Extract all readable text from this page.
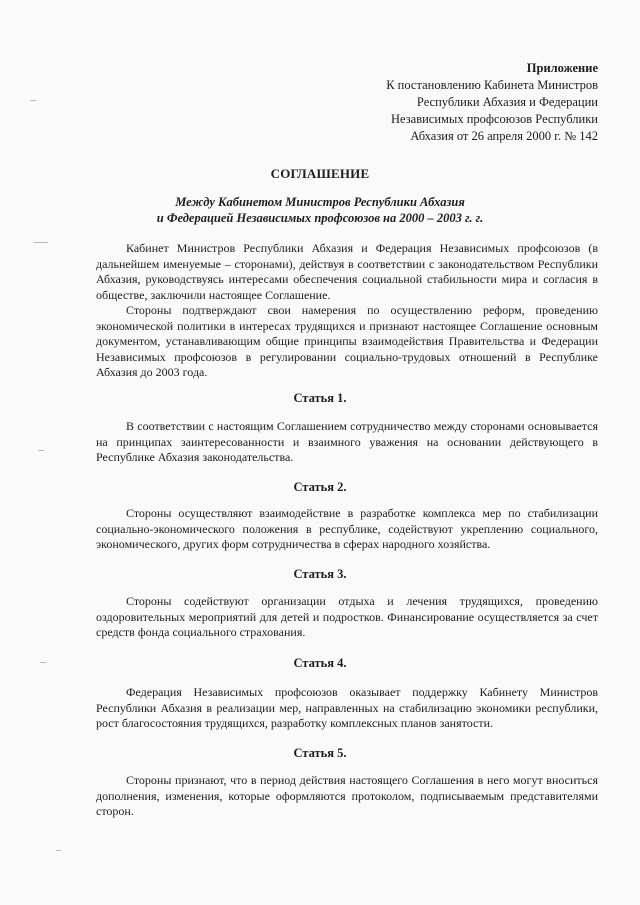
Приложение
К постановлению Кабинета Министров
Республики Абхазия и Федерации
Независимых профсоюзов Республики
Абхазия от 26 апреля 2000 г. № 142
СОГЛАШЕНИЕ
Между Кабинетом Министров Республики Абхазия
и Федерацией Независимых профсоюзов на 2000 – 2003 г. г.

Кабинет Министров Республики Абхазия и Федерация Независимых профсоюзов (в дальнейшем именуемые – сторонами), действуя в соответствии с законодательством Республики Абхазия, руководствуясь интересами обеспечения социальной стабильности мира и согласия в обществе, заключили настоящее Соглашение.

Стороны подтверждают свои намерения по осуществлению реформ, проведению экономической политики в интересах трудящихся и признают настоящее Соглашение основным документом, устанавливающим общие принципы взаимодействия Правительства и Федерации Независимых профсоюзов в регулировании социально-трудовых отношений в Республике Абхазия до 2003 года.

Статья 1.

В соответствии с настоящим Соглашением сотрудничество между сторонами основывается на принципах заинтересованности и взаимного уважения на основании действующего в Республике Абхазия законодательства.

Статья 2.

Стороны осуществляют взаимодействие в разработке комплекса мер по стабилизации социально-экономического положения в республике, содействуют укреплению социального, экономического, других форм сотрудничества в сферах народного хозяйства.

Статья 3.

Стороны содействуют организации отдыха и лечения трудящихся, проведению оздоровительных мероприятий для детей и подростков. Финансирование осуществляется за счет средств фонда социального страхования.

Статья 4.

Федерация Независимых профсоюзов оказывает поддержку Кабинету Министров Республики Абхазия в реализации мер, направленных на стабилизацию экономики республики, рост благосостояния трудящихся, разработку комплексных планов занятости.

Статья 5.

Стороны признают, что в период действия настоящего Соглашения в него могут вноситься дополнения, изменения, которые оформляются протоколом, подписываемым представителями сторон.
